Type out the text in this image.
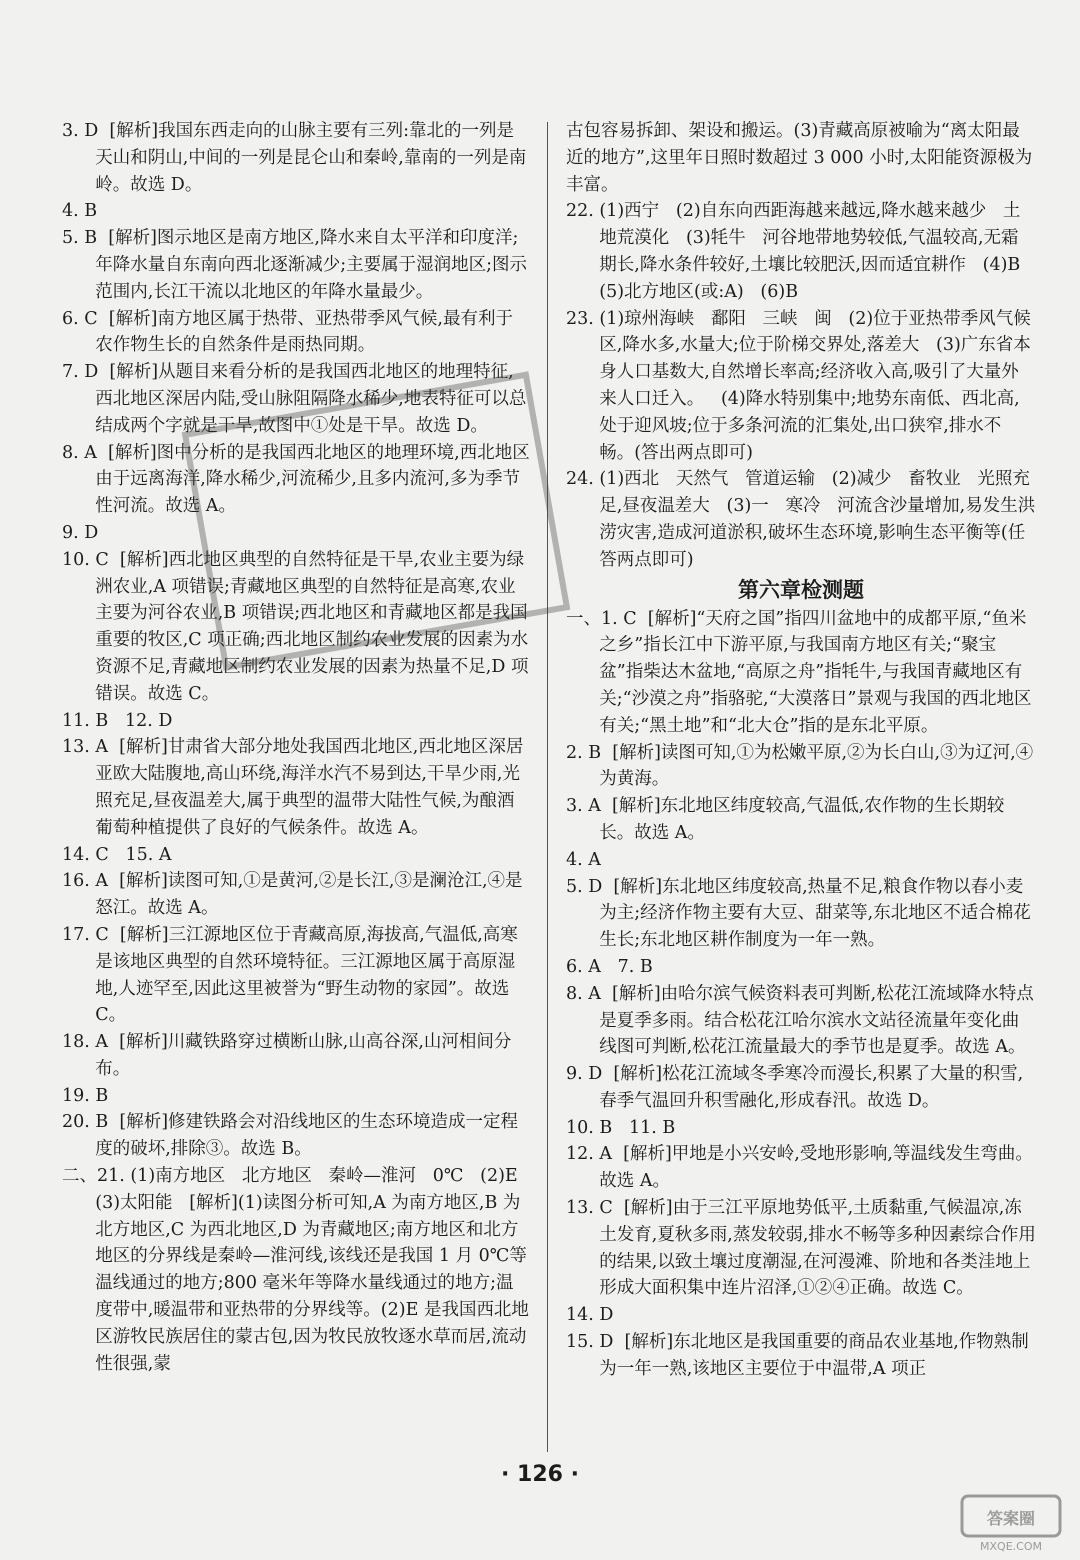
3. D  [解析]我国东西走向的山脉主要有三列:靠北的一列是天山和阴山,中间的一列是昆仑山和秦岭,靠南的一列是南岭。故选 D。

4. B

5. B  [解析]图示地区是南方地区,降水来自太平洋和印度洋;年降水量自东南向西北逐渐减少;主要属于湿润地区;图示范围内,长江干流以北地区的年降水量最少。

6. C  [解析]南方地区属于热带、亚热带季风气候,最有利于农作物生长的自然条件是雨热同期。

7. D  [解析]从题目来看分析的是我国西北地区的地理特征,西北地区深居内陆,受山脉阻隔降水稀少,地表特征可以总结成两个字就是干旱,故图中①处是干旱。故选 D。

8. A  [解析]图中分析的是我国西北地区的地理环境,西北地区由于远离海洋,降水稀少,河流稀少,且多内流河,多为季节性河流。故选 A。

9. D

10. C  [解析]西北地区典型的自然特征是干旱,农业主要为绿洲农业,A 项错误;青藏地区典型的自然特征是高寒,农业主要为河谷农业,B 项错误;西北地区和青藏地区都是我国重要的牧区,C 项正确;西北地区制约农业发展的因素为水资源不足,青藏地区制约农业发展的因素为热量不足,D 项错误。故选 C。

11. B   12. D

13. A  [解析]甘肃省大部分地处我国西北地区,西北地区深居亚欧大陆腹地,高山环绕,海洋水汽不易到达,干旱少雨,光照充足,昼夜温差大,属于典型的温带大陆性气候,为酿酒葡萄种植提供了良好的气候条件。故选 A。

14. C   15. A

16. A  [解析]读图可知,①是黄河,②是长江,③是澜沧江,④是怒江。故选 A。

17. C  [解析]三江源地区位于青藏高原,海拔高,气温低,高寒是该地区典型的自然环境特征。三江源地区属于高原湿地,人迹罕至,因此这里被誉为“野生动物的家园”。故选 C。

18. A  [解析]川藏铁路穿过横断山脉,山高谷深,山河相间分布。

19. B

20. B  [解析]修建铁路会对沿线地区的生态环境造成一定程度的破坏,排除③。故选 B。

二、21. (1)南方地区   北方地区   秦岭—淮河   0℃   (2)E   (3)太阳能   [解析](1)读图分析可知,A 为南方地区,B 为北方地区,C 为西北地区,D 为青藏地区;南方地区和北方地区的分界线是秦岭—淮河线,该线还是我国 1 月 0℃等温线通过的地方;800 毫米年等降水量线通过的地方;温度带中,暖温带和亚热带的分界线等。(2)E 是我国西北地区游牧民族居住的蒙古包,因为牧民放牧逐水草而居,流动性很强,蒙

古包容易拆卸、架设和搬运。(3)青藏高原被喻为“离太阳最近的地方”,这里年日照时数超过 3 000 小时,太阳能资源极为丰富。

22. (1)西宁   (2)自东向西距海越来越远,降水越来越少   土地荒漠化   (3)牦牛   河谷地带地势较低,气温较高,无霜期长,降水条件较好,土壤比较肥沃,因而适宜耕作   (4)B   (5)北方地区(或:A)   (6)B

23. (1)琼州海峡   鄱阳   三峡   闽   (2)位于亚热带季风气候区,降水多,水量大;位于阶梯交界处,落差大   (3)广东省本身人口基数大,自然增长率高;经济收入高,吸引了大量外来人口迁入。   (4)降水特别集中;地势东南低、西北高,处于迎风坡;位于多条河流的汇集处,出口狭窄,排水不畅。(答出两点即可)

24. (1)西北   天然气   管道运输   (2)减少   畜牧业   光照充足,昼夜温差大   (3)一   寒冷   河流含沙量增加,易发生洪涝灾害,造成河道淤积,破坏生态环境,影响生态平衡等(任答两点即可)

第六章检测题

一、1. C  [解析]“天府之国”指四川盆地中的成都平原,“鱼米之乡”指长江中下游平原,与我国南方地区有关;“聚宝盆”指柴达木盆地,“高原之舟”指牦牛,与我国青藏地区有关;“沙漠之舟”指骆驼,“大漠落日”景观与我国的西北地区有关;“黑土地”和“北大仓”指的是东北平原。

2. B  [解析]读图可知,①为松嫩平原,②为长白山,③为辽河,④为黄海。

3. A  [解析]东北地区纬度较高,气温低,农作物的生长期较长。故选 A。

4. A

5. D  [解析]东北地区纬度较高,热量不足,粮食作物以春小麦为主;经济作物主要有大豆、甜菜等,东北地区不适合棉花生长;东北地区耕作制度为一年一熟。

6. A   7. B

8. A  [解析]由哈尔滨气候资料表可判断,松花江流域降水特点是夏季多雨。结合松花江哈尔滨水文站径流量年变化曲线图可判断,松花江流量最大的季节也是夏季。故选 A。

9. D  [解析]松花江流域冬季寒冷而漫长,积累了大量的积雪,春季气温回升积雪融化,形成春汛。故选 D。

10. B   11. B

12. A  [解析]甲地是小兴安岭,受地形影响,等温线发生弯曲。故选 A。

13. C  [解析]由于三江平原地势低平,土质黏重,气候温凉,冻土发育,夏秋多雨,蒸发较弱,排水不畅等多种因素综合作用的结果,以致土壤过度潮湿,在河漫滩、阶地和各类洼地上形成大面积集中连片沼泽,①②④正确。故选 C。

14. D

15. D  [解析]东北地区是我国重要的商品农业基地,作物熟制为一年一熟,该地区主要位于中温带,A 项正

· 126 ·
答案圈
MXQE.COM
